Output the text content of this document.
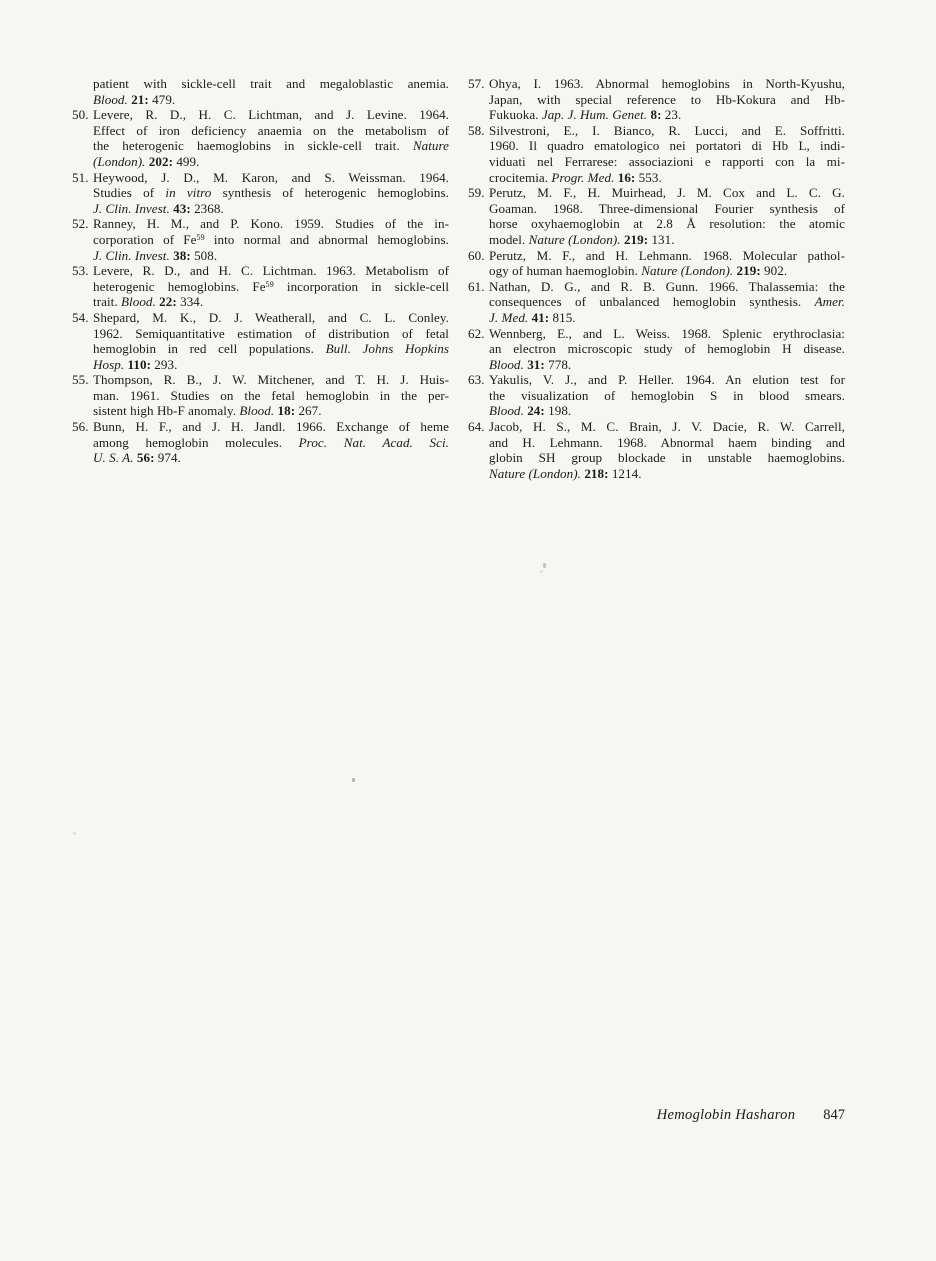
patient with sickle-cell trait and megaloblastic anemia.
Blood. 21: 479.
50. Levere, R. D., H. C. Lichtman, and J. Levine. 1964.
Effect of iron deficiency anaemia on the metabolism of
the heterogenic haemoglobins in sickle-cell trait. Nature
(London). 202: 499.
51. Heywood, J. D., M. Karon, and S. Weissman. 1964.
Studies of in vitro synthesis of heterogenic hemoglobins.
J. Clin. Invest. 43: 2368.
52. Ranney, H. M., and P. Kono. 1959. Studies of the in-
corporation of Fe$^{59}$ into normal and abnormal hemoglobins.
J. Clin. Invest. 38: 508.
53. Levere, R. D., and H. C. Lichtman. 1963. Metabolism of
heterogenic hemoglobins. Fe$^{59}$ incorporation in sickle-cell
trait. Blood. 22: 334.
54. Shepard, M. K., D. J. Weatherall, and C. L. Conley.
1962. Semiquantitative estimation of distribution of fetal
hemoglobin in red cell populations. Bull. Johns Hopkins
Hosp. 110: 293.
55. Thompson, R. B., J. W. Mitchener, and T. H. J. Huis-
man. 1961. Studies on the fetal hemoglobin in the per-
sistent high Hb-F anomaly. Blood. 18: 267.
56. Bunn, H. F., and J. H. Jandl. 1966. Exchange of heme
among hemoglobin molecules. Proc. Nat. Acad. Sci.
U. S. A. 56: 974.
57. Ohya, I. 1963. Abnormal hemoglobins in North-Kyushu,
Japan, with special reference to Hb-Kokura and Hb-
Fukuoka. Jap. J. Hum. Genet. 8: 23.
58. Silvestroni, E., I. Bianco, R. Lucci, and E. Soffritti.
1960. Il quadro ematologico nei portatori di Hb L, indi-
viduati nel Ferrarese: associazioni e rapporti con la mi-
crocitemia. Progr. Med. 16: 553.
59. Perutz, M. F., H. Muirhead, J. M. Cox and L. C. G.
Goaman. 1968. Three-dimensional Fourier synthesis of
horse oxyhaemoglobin at 2.8 Å resolution: the atomic
model. Nature (London). 219: 131.
60. Perutz, M. F., and H. Lehmann. 1968. Molecular pathol-
ogy of human haemoglobin. Nature (London). 219: 902.
61. Nathan, D. G., and R. B. Gunn. 1966. Thalassemia: the
consequences of unbalanced hemoglobin synthesis. Amer.
J. Med. 41: 815.
62. Wennberg, E., and L. Weiss. 1968. Splenic erythroclasia:
an electron microscopic study of hemoglobin H disease.
Blood. 31: 778.
63. Yakulis, V. J., and P. Heller. 1964. An elution test for
the visualization of hemoglobin S in blood smears.
Blood. 24: 198.
64. Jacob, H. S., M. C. Brain, J. V. Dacie, R. W. Carrell,
and H. Lehmann. 1968. Abnormal haem binding and
globin SH group blockade in unstable haemoglobins.
Nature (London). 218: 1214.
Hemoglobin Hasharon 847
